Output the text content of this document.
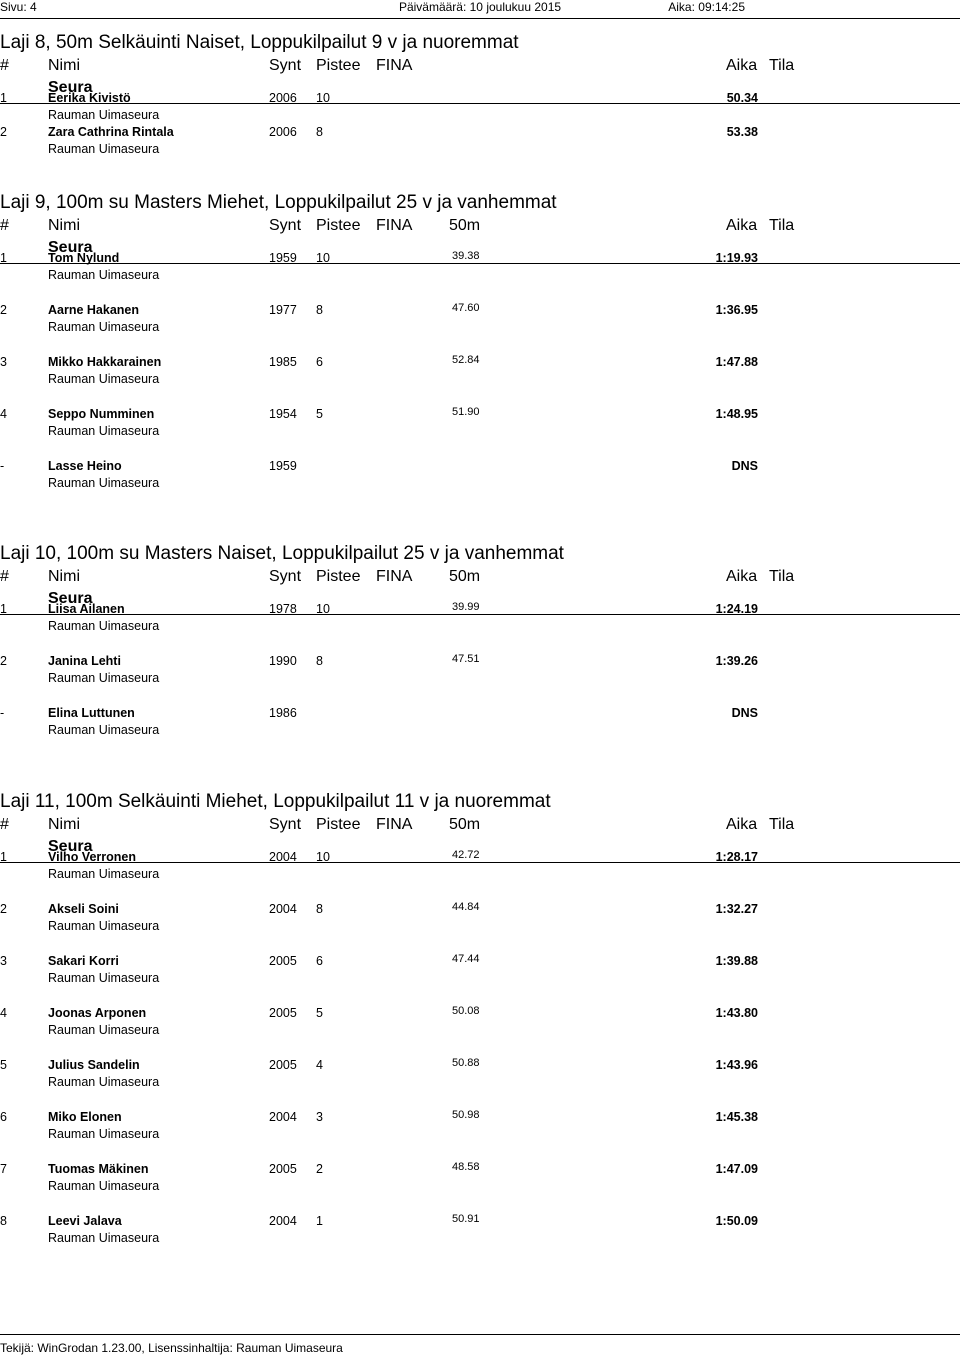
Sivu: 4	Päivämäärä: 10 joulukuu 2015	Aika: 09:14:25
Laji 8, 50m Selkäuinti Naiset, Loppukilpailut 9 v ja nuoremmat
# Nimi	Synt Pistee FINA	Aika Tila
Seura
1	Eerika Kivistö	2006 10	50.34
Rauman Uimaseura
2	Zara Cathrina Rintala	2006 8	53.38
Rauman Uimaseura
Laji 9, 100m su Masters Miehet, Loppukilpailut 25 v ja vanhemmat
# Nimi	Synt Pistee FINA 50m	Aika Tila
Seura
1	Tom Nylund	1959 10	39.38	1:19.93
Rauman Uimaseura
2	Aarne Hakanen	1977 8	47.60	1:36.95
Rauman Uimaseura
3	Mikko Hakkarainen	1985 6	52.84	1:47.88
Rauman Uimaseura
4	Seppo Numminen	1954 5	51.90	1:48.95
Rauman Uimaseura
-	Lasse Heino	1959	DNS
Rauman Uimaseura
Laji 10, 100m su Masters Naiset, Loppukilpailut 25 v ja vanhemmat
# Nimi	Synt Pistee FINA 50m	Aika Tila
Seura
1	Liisa Ailanen	1978 10	39.99	1:24.19
Rauman Uimaseura
2	Janina Lehti	1990 8	47.51	1:39.26
Rauman Uimaseura
-	Elina Luttunen	1986	DNS
Rauman Uimaseura
Laji 11, 100m Selkäuinti Miehet, Loppukilpailut 11 v ja nuoremmat
# Nimi	Synt Pistee FINA 50m	Aika Tila
Seura
1	Vilho Verronen	2004 10	42.72	1:28.17
Rauman Uimaseura
2	Akseli Soini	2004 8	44.84	1:32.27
Rauman Uimaseura
3	Sakari Korri	2005 6	47.44	1:39.88
Rauman Uimaseura
4	Joonas Arponen	2005 5	50.08	1:43.80
Rauman Uimaseura
5	Julius Sandelin	2005 4	50.88	1:43.96
Rauman Uimaseura
6	Miko Elonen	2004 3	50.98	1:45.38
Rauman Uimaseura
7	Tuomas Mäkinen	2005 2	48.58	1:47.09
Rauman Uimaseura
8	Leevi Jalava	2004 1	50.91	1:50.09
Rauman Uimaseura
Tekijä: WinGrodan 1.23.00, Lisenssinhaltija: Rauman Uimaseura
